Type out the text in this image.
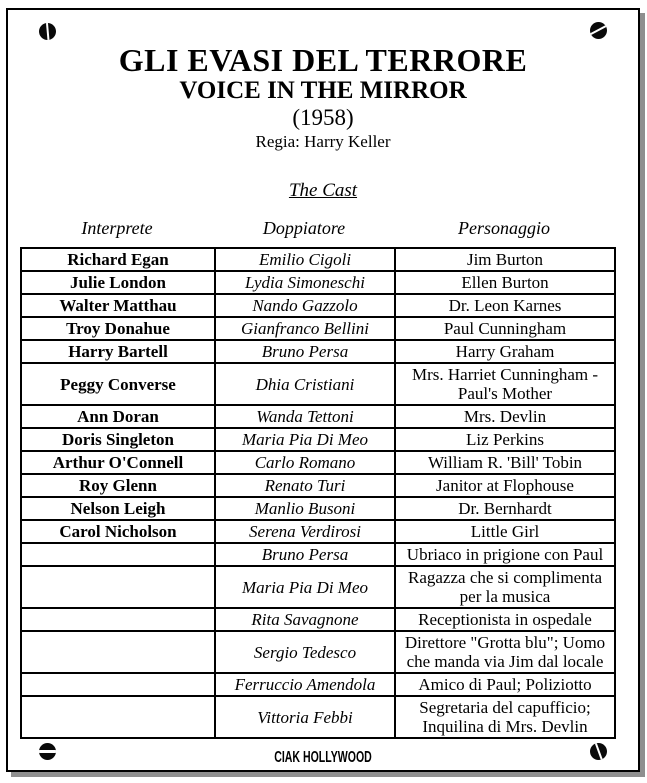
GLI EVASI DEL TERRORE
VOICE IN THE MIRROR
(1958)
Regia: Harry Keller
The Cast
Interprete	Doppiatore	Personaggio
Richard Egan	Emilio Cigoli	Jim Burton
Julie London	Lydia Simoneschi	Ellen Burton
Walter Matthau	Nando Gazzolo	Dr. Leon Karnes
Troy Donahue	Gianfranco Bellini	Paul Cunningham
Harry Bartell	Bruno Persa	Harry Graham
Peggy Converse	Dhia Cristiani	Mrs. Harriet Cunningham - Paul's Mother
Ann Doran	Wanda Tettoni	Mrs. Devlin
Doris Singleton	Maria Pia Di Meo	Liz Perkins
Arthur O'Connell	Carlo Romano	William R. 'Bill' Tobin
Roy Glenn	Renato Turi	Janitor at Flophouse
Nelson Leigh	Manlio Busoni	Dr. Bernhardt
Carol Nicholson	Serena Verdirosi	Little Girl
	Bruno Persa	Ubriaco in prigione con Paul
	Maria Pia Di Meo	Ragazza che si complimenta per la musica
	Rita Savagnone	Receptionista in ospedale
	Sergio Tedesco	Direttore "Grotta blu"; Uomo che manda via Jim dal locale
	Ferruccio Amendola	Amico di Paul; Poliziotto
	Vittoria Febbi	Segretaria del capufficio; Inquilina di Mrs. Devlin
CIAK HOLLYWOOD
